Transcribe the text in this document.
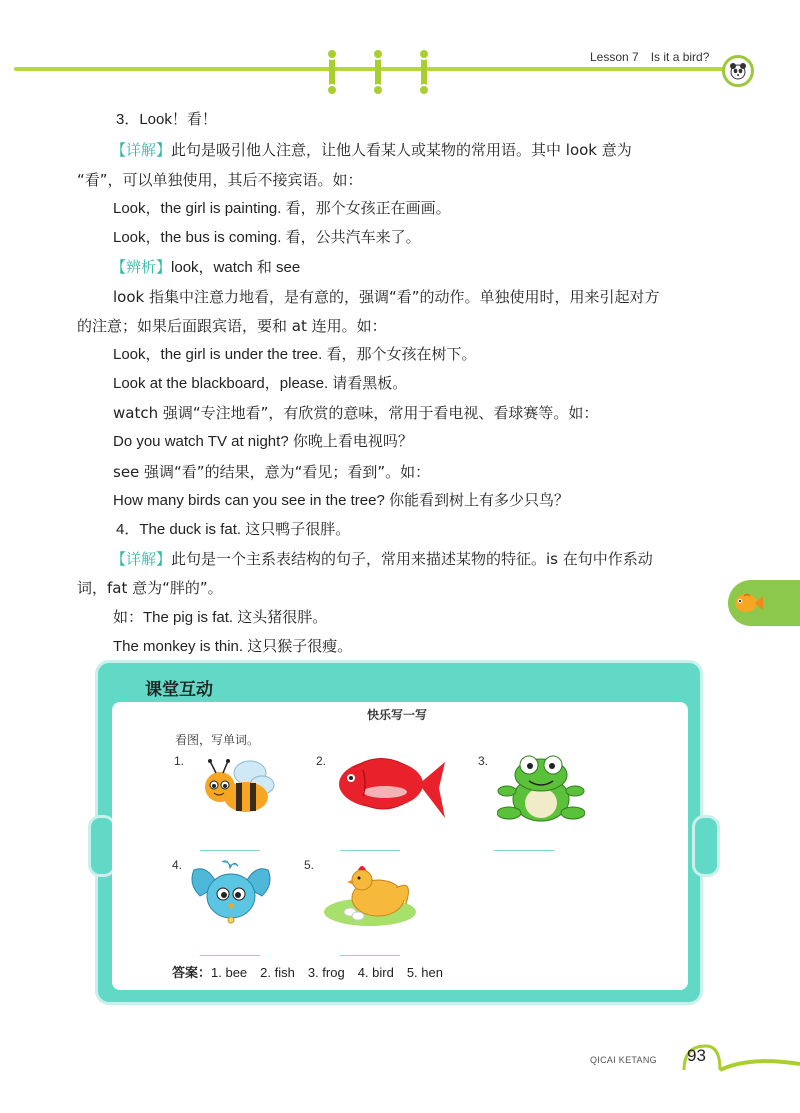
Lesson 7 Is it a bird?
3．Look！看！
【详解】此句是吸引他人注意，让他人看某人或某物的常用语。其中 look 意为
“看”，可以单独使用，其后不接宾语。如：
Look，the girl is painting. 看，那个女孩正在画画。
Look，the bus is coming. 看，公共汽车来了。
【辨析】look，watch 和 see
look 指集中注意力地看，是有意的，强调“看”的动作。单独使用时，用来引起对方
的注意；如果后面跟宾语，要和 at 连用。如：
Look，the girl is under the tree. 看，那个女孩在树下。
Look at the blackboard，please. 请看黑板。
watch 强调“专注地看”，有欣赏的意味，常用于看电视、看球赛等。如：
Do you watch TV at night? 你晚上看电视吗？
see 强调“看”的结果，意为“看见；看到”。如：
How many birds can you see in the tree? 你能看到树上有多少只鸟？
4．The duck is fat. 这只鸭子很胖。
【详解】此句是一个主系表结构的句子，常用来描述某物的特征。is 在句中作系动
词，fat 意为“胖的”。
如：The pig is fat. 这头猪很胖。
The monkey is thin. 这只猴子很瘦。
课堂互动
快乐写一写
看图，写单词。
1.	2.	3.
4.	5.
答案：1. bee　2. fish　3. frog　4. bird　5. hen
QICAI KETANG 93
